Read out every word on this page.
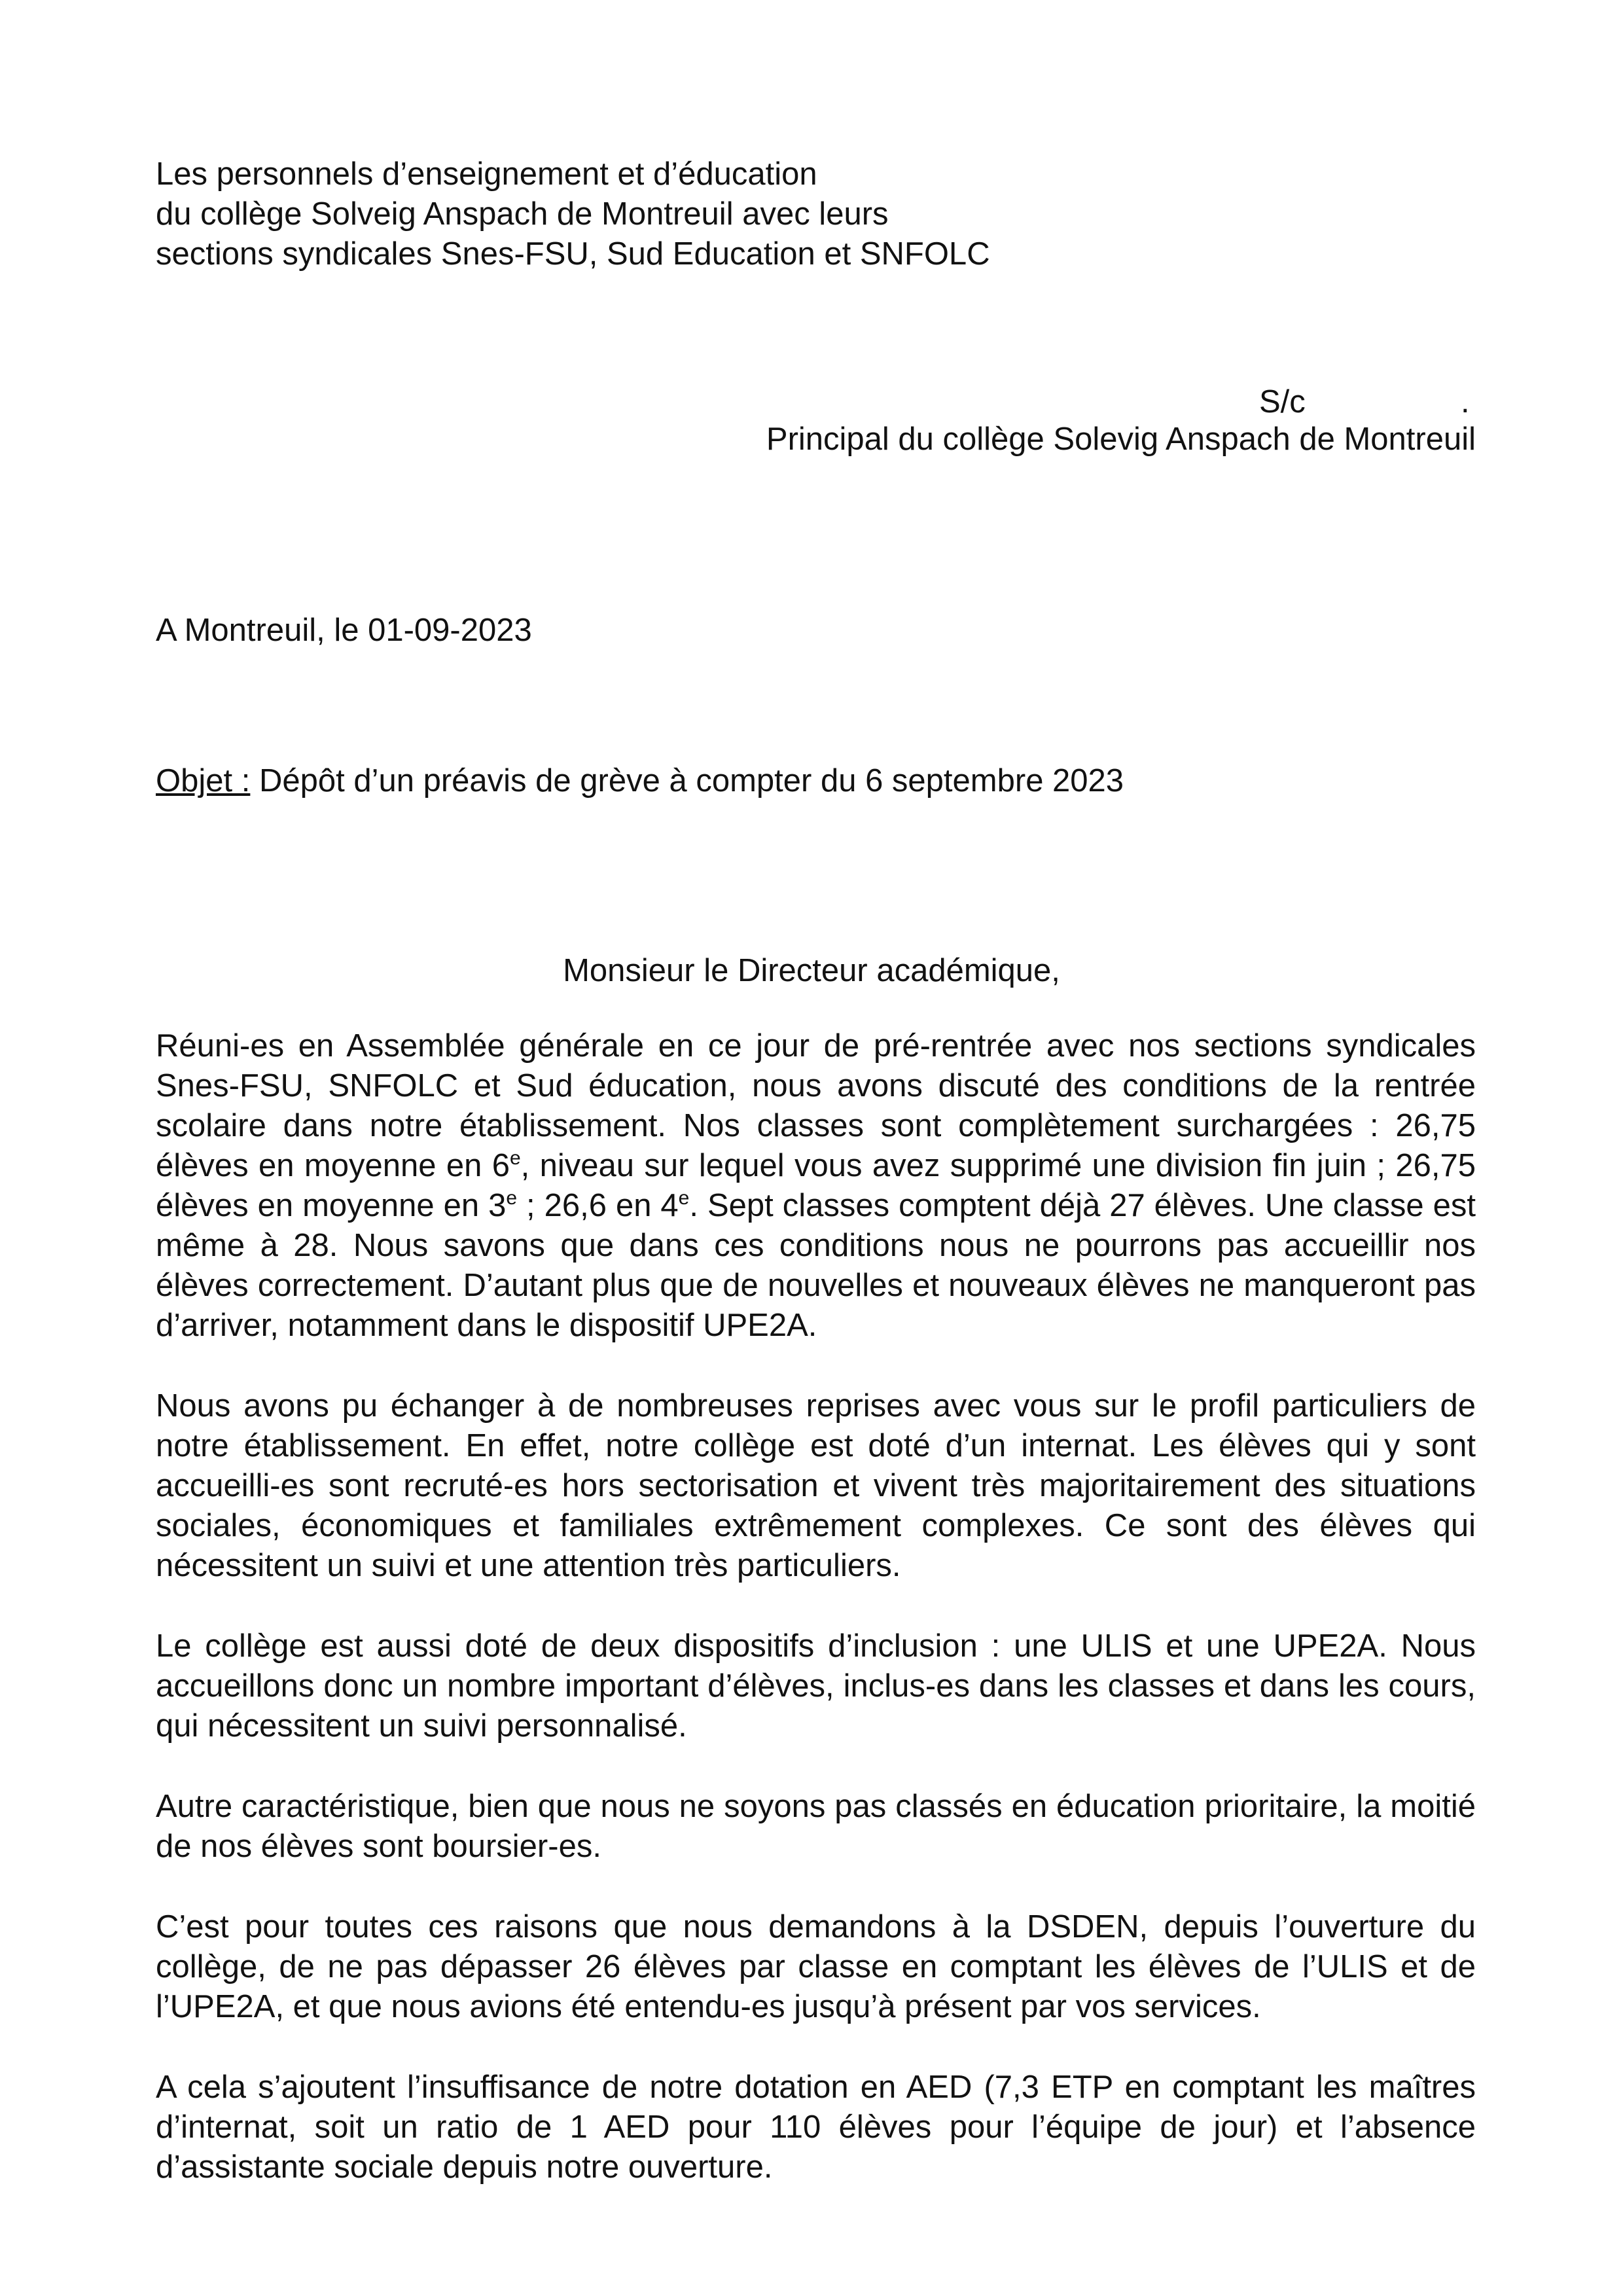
Les personnels d’enseignement et d’éducation
du collège Solveig Anspach de Montreuil avec leurs
sections syndicales Snes-FSU, Sud Education et SNFOLC
S/c	.
Principal du collège Solevig Anspach de Montreuil
A Montreuil, le 01-09-2023
Objet : Dépôt d’un préavis de grève à compter du 6 septembre 2023
Monsieur le Directeur académique,

Réuni-es en Assemblée générale en ce jour de pré-rentrée avec nos sections syndicales Snes-FSU, SNFOLC et Sud éducation, nous avons discuté des conditions de la rentrée scolaire dans notre établissement. Nos classes sont complètement surchargées : 26,75 élèves en moyenne en 6e, niveau sur lequel vous avez supprimé une division fin juin ; 26,75 élèves en moyenne en 3e ; 26,6 en 4e. Sept classes comptent déjà 27 élèves. Une classe est même à 28. Nous savons que dans ces conditions nous ne pourrons pas accueillir nos élèves correctement. D’autant plus que de nouvelles et nouveaux élèves ne manqueront pas d’arriver, notamment dans le dispositif UPE2A.

Nous avons pu échanger à de nombreuses reprises avec vous sur le profil particuliers de notre établissement. En effet, notre collège est doté d’un internat. Les élèves qui y sont accueilli-es sont recruté-es hors sectorisation et vivent très majoritairement des situations sociales, économiques et familiales extrêmement complexes. Ce sont des élèves qui nécessitent un suivi et une attention très particuliers.

Le collège est aussi doté de deux dispositifs d’inclusion : une ULIS et une UPE2A. Nous accueillons donc un nombre important d’élèves, inclus-es dans les classes et dans les cours, qui nécessitent un suivi personnalisé.

Autre caractéristique, bien que nous ne soyons pas classés en éducation prioritaire, la moitié de nos élèves sont boursier-es.

C’est pour toutes ces raisons que nous demandons à la DSDEN, depuis l’ouverture du collège, de ne pas dépasser 26 élèves par classe en comptant les élèves de l’ULIS et de l’UPE2A, et que nous avions été entendu-es jusqu’à présent par vos services.

A cela s’ajoutent l’insuffisance de notre dotation en AED (7,3 ETP en comptant les maîtres d’internat, soit un ratio de 1 AED pour 110 élèves pour l’équipe de jour) et l’absence d’assistante sociale depuis notre ouverture.
